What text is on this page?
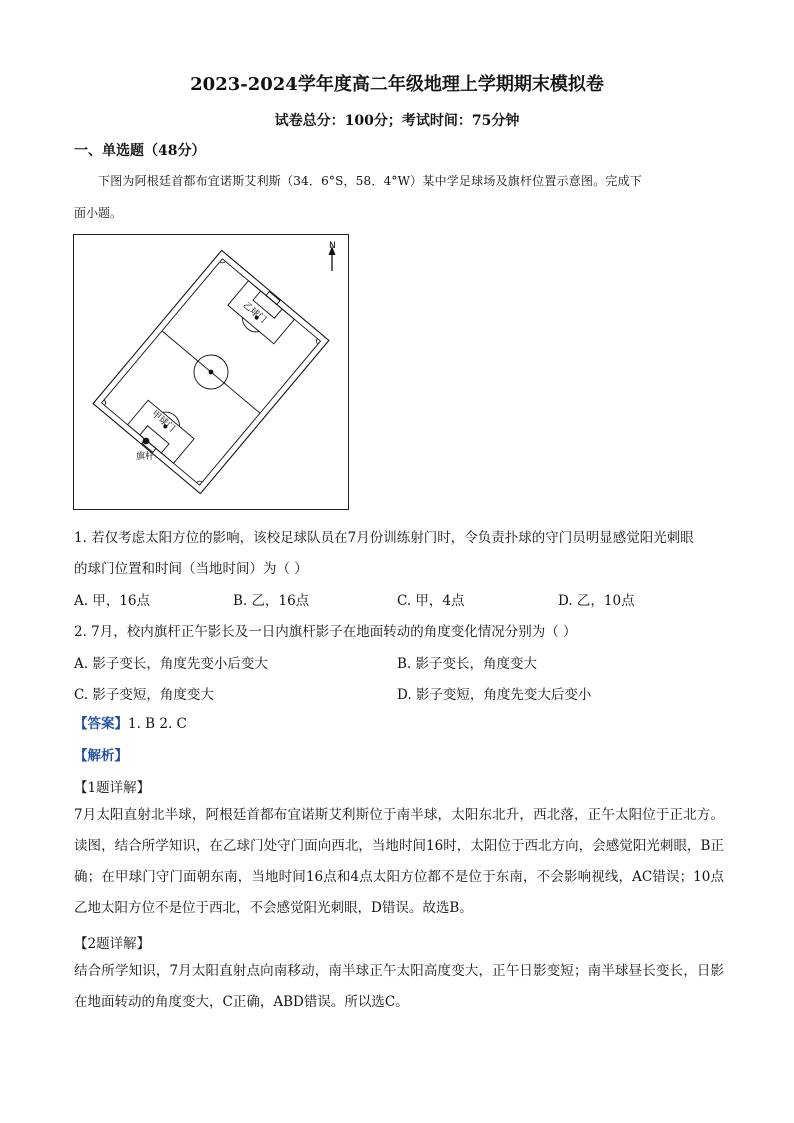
2023-2024学年度高二年级地理上学期期末模拟卷
试卷总分：100分；考试时间：75分钟
一、单选题（48分）
下图为阿根廷首都布宜诺斯艾利斯（34．6°S，58．4°W）某中学足球场及旗杆位置示意图。完成下
面小题。
N
甲球门
乙球门
旗杆
1. 若仅考虑太阳方位的影响，该校足球队员在7月份训练射门时，令负责扑球的守门员明显感觉阳光刺眼
的球门位置和时间（当地时间）为（ ）
A. 甲，16点	B. 乙，16点	C. 甲，4点	D. 乙，10点
2. 7月，校内旗杆正午影长及一日内旗杆影子在地面转动的角度变化情况分别为（ ）
A. 影子变长，角度先变小后变大	B. 影子变长，角度变大
C. 影子变短，角度变大	D. 影子变短，角度先变大后变小
【答案】1. B 2. C
【解析】
【1题详解】
7月太阳直射北半球，阿根廷首都布宜诺斯艾利斯位于南半球，太阳东北升，西北落，正午太阳位于正北方。读图，结合所学知识，在乙球门处守门面向西北，当地时间16时，太阳位于西北方向，会感觉阳光刺眼，B正确；在甲球门守门面朝东南，当地时间16点和4点太阳方位都不是位于东南，不会影响视线，AC错误；10点乙地太阳方位不是位于西北，不会感觉阳光刺眼，D错误。故选B。
【2题详解】
结合所学知识，7月太阳直射点向南移动，南半球正午太阳高度变大，正午日影变短；南半球昼长变长，日影在地面转动的角度变大，C正确，ABD错误。所以选C。
